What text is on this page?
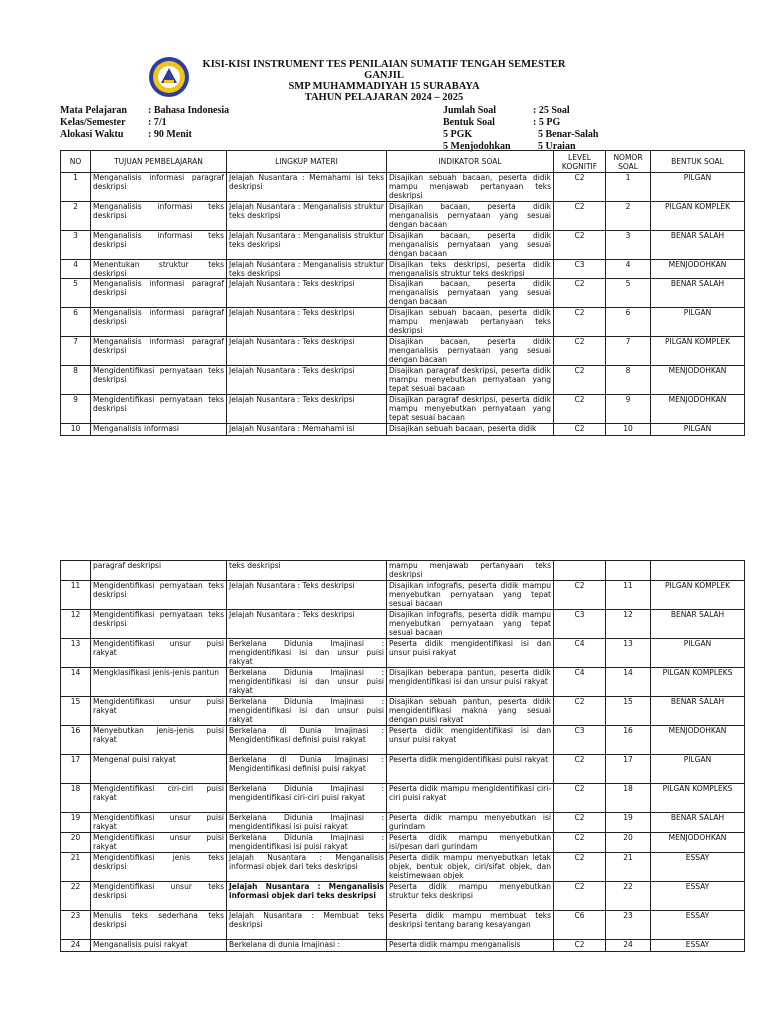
KISI-KISI INSTRUMENT TES PENILAIAN SUMATIF TENGAH SEMESTER GANJIL
SMP MUHAMMADIYAH 15 SURABAYA
TAHUN PELAJARAN 2024 – 2025
Mata Pelajaran	: Bahasa Indonesia
Kelas/Semester	: 7/1
Alokasi Waktu	: 90 Menit
Jumlah Soal	: 25 Soal
Bentuk Soal	: 5 PG
5 PGK	5 Benar-Salah
5 Menjodohkan	5 Uraian
NO	TUJUAN PEMBELAJARAN	LINGKUP MATERI	INDIKATOR SOAL	LEVEL KOGNITIF	NOMOR SOAL	BENTUK SOAL
1	Menganalisis informasi paragraf deskripsi	Jelajah Nusantara : Memahami isi teks deskripsi	Disajikan sebuah bacaan, peserta didik mampu menjawab pertanyaan teks deskripsi	C2	1	PILGAN
2	Menganalisis informasi teks deskripsi	Jelajah Nusantara : Menganalisis struktur teks deskripsi	Disajikan bacaan, peserta didik menganalisis pernyataan yang sesuai dengan bacaan	C2	2	PILGAN KOMPLEK
3	Menganalisis informasi teks deskripsi	Jelajah Nusantara : Menganalisis struktur teks deskripsi	Disajikan bacaan, peserta didik menganalisis pernyataan yang sesuai dengan bacaan	C2	3	BENAR SALAH
4	Menentukan struktur teks deskripsi	Jelajah Nusantara : Menganalisis struktur teks deskripsi	Disajikan teks deskripsi, peserta didik menganalisis struktur teks deskripsi	C3	4	MENJODOHKAN
5	Menganalisis informasi paragraf deskripsi	Jelajah Nusantara : Teks deskripsi	Disajikan bacaan, peserta didik menganalisis pernyataan yang sesuai dengan bacaan	C2	5	BENAR SALAH
6	Menganalisis informasi paragraf deskripsi	Jelajah Nusantara : Teks deskripsi	Disajikan sebuah bacaan, peserta didik mampu menjawab pertanyaan teks deskripsi	C2	6	PILGAN
7	Menganalisis informasi paragraf deskripsi	Jelajah Nusantara : Teks deskripsi	Disajikan bacaan, peserta didik menganalisis pernyataan yang sesuai dengan bacaan	C2	7	PILGAN KOMPLEK
8	Mengidentifikasi pernyataan teks deskripsi	Jelajah Nusantara : Teks deskripsi	Disajikan paragraf deskripsi, peserta didik mampu menyebutkan pernyataan yang tepat sesuai bacaan	C2	8	MENJODOHKAN
9	Mengidentifikasi pernyataan teks deskripsi	Jelajah Nusantara : Teks deskripsi	Disajikan paragraf deskripsi, peserta didik mampu menyebutkan pernyataan yang tepat sesuai bacaan	C2	9	MENJODOHKAN
10	Menganalisis informasi	Jelajah Nusantara : Memahami isi	Disajikan sebuah bacaan, peserta didik	C2	10	PILGAN
	paragraf deskripsi	teks deskripsi	mampu menjawab pertanyaan teks deskripsi			
11	Mengidentifikasi pernyataan teks deskripsi	Jelajah Nusantara : Teks deskripsi	Disajikan infografis, peserta didik mampu menyebutkan pernyataan yang tepat sesuai bacaan	C2	11	PILGAN KOMPLEK
12	Mengidentifikasi pernyataan teks deskripsi	Jelajah Nusantara : Teks deskripsi	Disajikan infografis, peserta didik mampu menyebutkan pernyataan yang tepat sesuai bacaan	C3	12	BENAR SALAH
13	Mengidentifikasi unsur puisi rakyat	Berkelana Didunia Imajinasi : mengidentifikasi isi dan unsur puisi rakyat	Peserta didik mengidentifikasi isi dan unsur puisi rakyat	C4	13	PILGAN
14	Mengklasifikasi jenis-jenis pantun	Berkelana Didunia Imajinasi : mengidentifikasi isi dan unsur puisi rakyat	Disajikan beberapa pantun, peserta didik mengidentifikasi isi dan unsur puisi rakyat	C4	14	PILGAN KOMPLEKS
15	Mengidentifikasi unsur puisi rakyat	Berkelana Didunia Imajinasi : mengidentifikasi isi dan unsur puisi rakyat	Disajikan sebuah pantun, peserta didik mengidentifikasi makna yang sesuai dengan puisi rakyat	C2	15	BENAR SALAH
16	Menyebutkan jenis-jenis puisi rakyat	Berkelana di Dunia Imajinasi : Mengidentifikasi definisi puisi rakyat	Peserta didik mengidentifikasi isi dan unsur puisi rakyat	C3	16	MENJODOHKAN
17	Mengenal puisi rakyat	Berkelana di Dunia Imajinasi : Mengidentifikasi definisi puisi rakyat	Peserta didik mengidentifikasi puisi rakyat	C2	17	PILGAN
18	Mengidentifikasi ciri-ciri puisi rakyat	Berkelana Didunia Imajinasi : mengidentifikasi ciri-ciri puisi rakyat	Peserta didik mampu mengidentifikasi ciri-ciri puisi rakyat	C2	18	PILGAN KOMPLEKS
19	Mengidentifikasi unsur puisi rakyat	Berkelana Didunia Imajinasi : mengidentifikasi isi puisi rakyat	Peserta didik mampu menyebutkan isi gurindam	C2	19	BENAR SALAH
20	Mengidentifikasi unsur puisi rakyat	Berkelana Didunia Imajinasi : mengidentifikasi isi puisi rakyat	Peserta didik mampu menyebutkan isi/pesan dari gurindam	C2	20	MENJODOHKAN
21	Mengidentifikasi jenis teks deskripsi	Jelajah Nusantara : Menganalisis informasi objek dari teks deskripsi	Peserta didik mampu menyebutkan letak objek, bentuk objek, ciri/sifat objek, dan keistimewaan objek	C2	21	ESSAY
22	Mengidentifikasi unsur teks deskripsi	Jelajah Nusantara : Menganalisis informasi objek dari teks deskripsi	Peserta didik mampu menyebutkan struktur teks deskripsi	C2	22	ESSAY
23	Menulis teks sederhana teks deskripsi	Jelajah Nusantara : Membuat teks deskripsi	Peserta didik mampu membuat teks deskripsi tentang barang kesayangan	C6	23	ESSAY
24	Menganalisis puisi rakyat	Berkelana di dunia Imajinasi :	Peserta didik mampu menganalisis	C2	24	ESSAY
